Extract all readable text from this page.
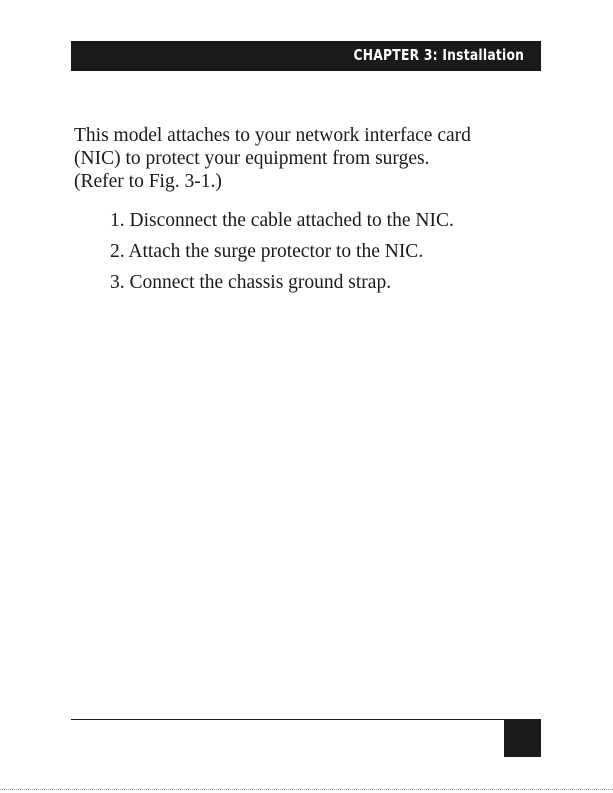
CHAPTER 3: Installation

This model attaches to your network interface card
(NIC) to protect your equipment from surges.
(Refer to Fig. 3-1.)

1. Disconnect the cable attached to the NIC.
2. Attach the surge protector to the NIC.
3. Connect the chassis ground strap.
